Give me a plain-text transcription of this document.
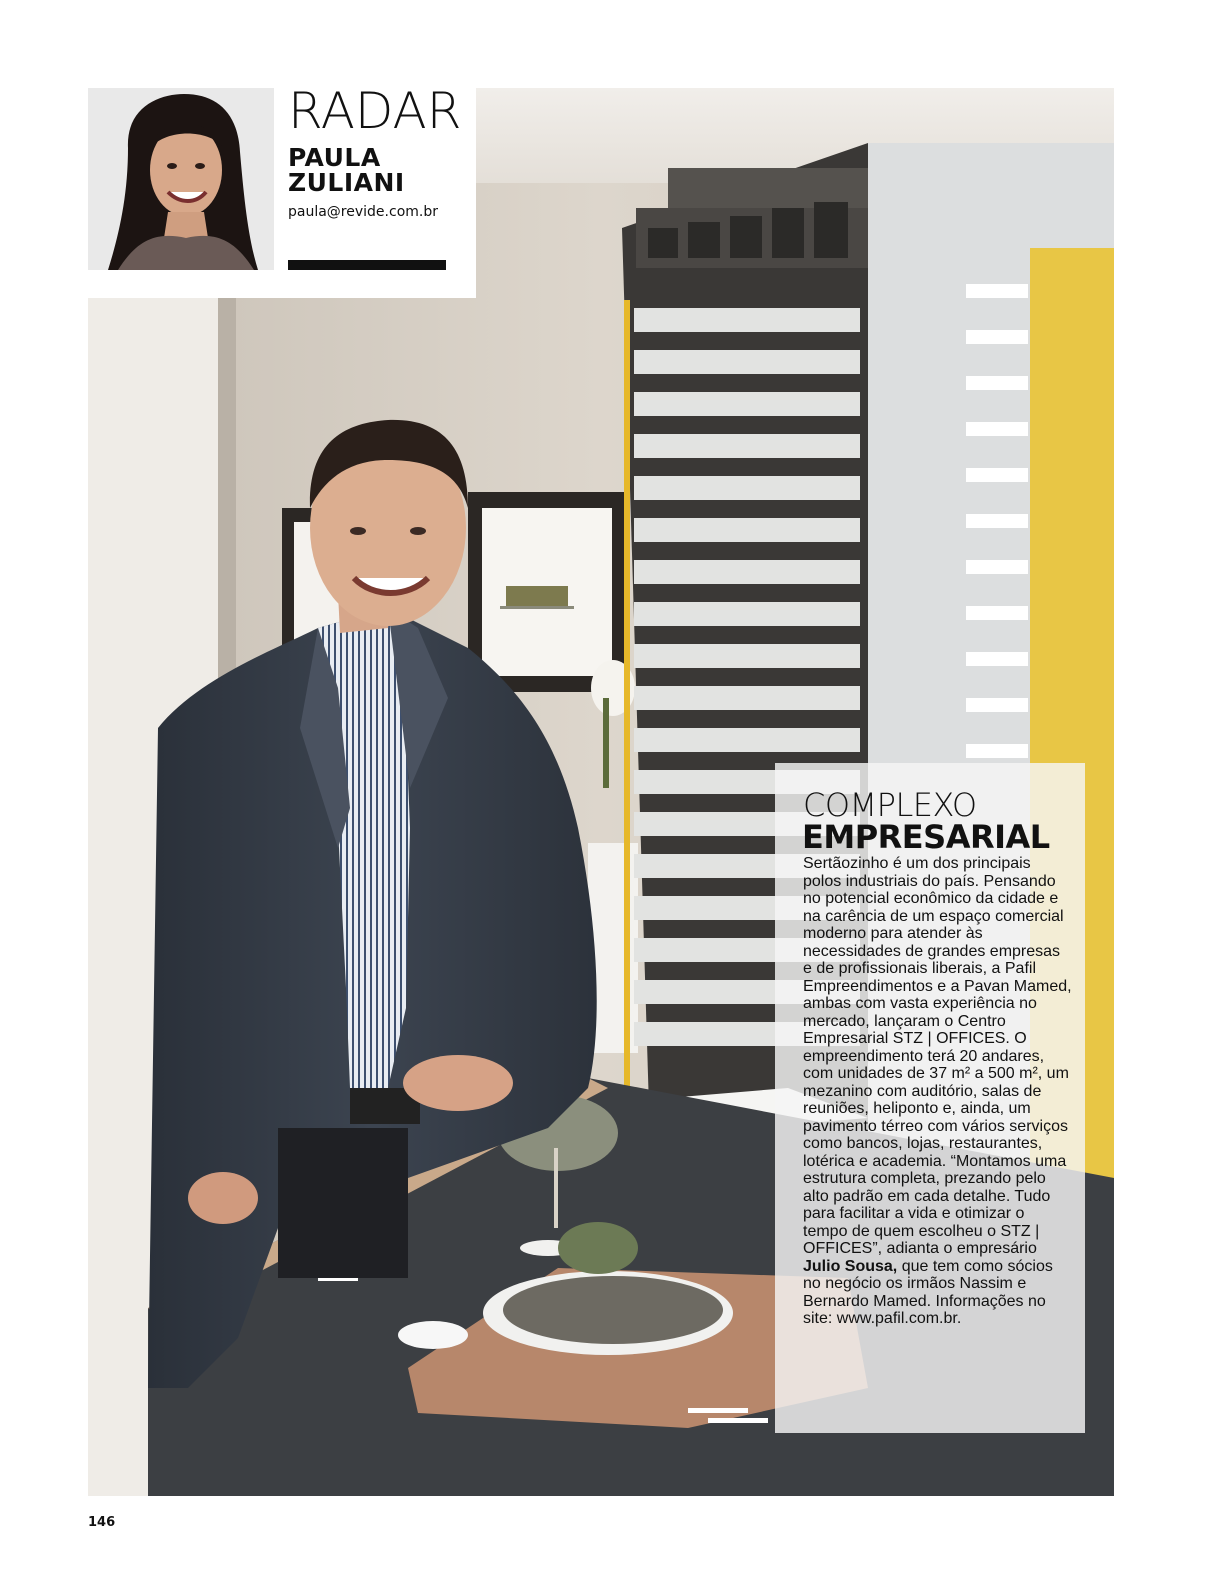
RADAR
PAULA
ZULIANI
paula@revide.com.br
COMPLEXO
EMPRESARIAL
Sertãozinho é um dos principais polos industriais do país. Pensando no potencial econômico da cidade e na carência de um espaço comercial moderno para atender às necessidades de grandes empresas e de profissionais liberais, a Pafil Empreendimentos e a Pavan Mamed, ambas com vasta experiência no mercado, lançaram o Centro Empresarial STZ | OFFICES. O empreendimento terá 20 andares, com unidades de 37 m² a 500 m², um mezanino com auditório, salas de reuniões, heliponto e, ainda, um pavimento térreo com vários serviços como bancos, lojas, restaurantes, lotérica e academia. “Montamos uma estrutura completa, prezando pelo alto padrão em cada detalhe. Tudo para facilitar a vida e otimizar o tempo de quem escolheu o STZ | OFFICES”, adianta o empresário Julio Sousa, que tem como sócios no negócio os irmãos Nassim e Bernardo Mamed. Informações no site: www.pafil.com.br.
146
